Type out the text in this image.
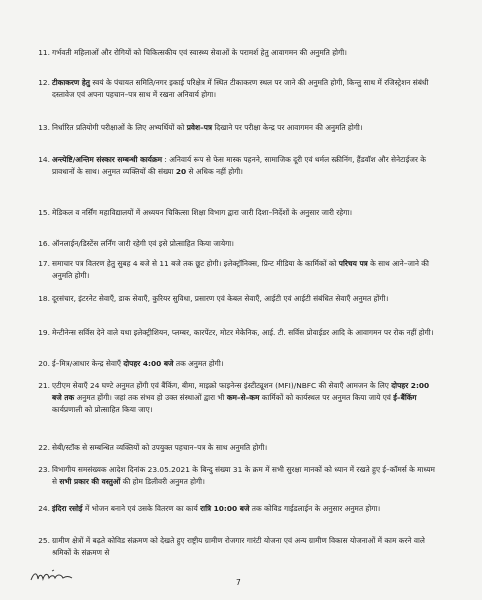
11. गर्भवती महिलाओं और रोगियों को चिकित्सकीय एवं स्वास्थ्य सेवाओं के परामर्श हेतु आवागमन की अनुमति होगी।
12. टीकाकरण हेतु स्वयं के पंचायत समिति/नगर इकाई परिक्षेत्र में स्थित टीकाकरण स्थल पर जाने की अनुमति होगी, किन्तु साथ में रजिस्ट्रेशन संबंधी दस्तावेज एवं अपना पहचान–पत्र साथ में रखना अनिवार्य होगा।
13. निर्धारित प्रतियोगी परीक्षाओं के लिए अभ्यर्थियों को प्रवेश–पत्र दिखाने पर परीक्षा केन्द्र पर आवागमन की अनुमति होगी।
14. अन्त्येष्टि/अन्तिम संस्कार सम्बन्धी कार्यक्रम : अनिवार्य रूप से फेस मास्क पहनने, सामाजिक दूरी एवं थर्मल स्क्रीनिंग, हैंडवॉश और सेनेटाईजर के प्रावधानों के साथ। अनुमत व्यक्तियों की संख्या 20 से अधिक नहीं होगी।
15. मेडिकल व नर्सिंग महाविद्यालयों में अध्ययन चिकित्सा शिक्षा विभाग द्वारा जारी दिशा–निर्देशों के अनुसार जारी रहेगा।
16. ऑनलाईन/डिस्टेंस लर्निंग जारी रहेगी एवं इसे प्रोत्साहित किया जायेगा।
17. समाचार पत्र वितरण हेतु सुबह 4 बजे से 11 बजे तक छूट होगी। इलेक्ट्रॉनिक्स, प्रिन्ट मीडिया के कार्मिकों को परिचय पत्र के साथ आने–जाने की अनुमति होगी।
18. दूरसंचार, इंटरनेट सेवाएँ, डाक सेवाएँ, कुरियर सुविधा, प्रसारण एवं केबल सेवाएँ, आईटी एवं आईटी संबंधित सेवाएँ अनुमत होंगी।
19. मेन्टीनेन्स सर्विस देने वाले यथा इलेक्ट्रीशियन, प्लम्बर, कारपेंटर, मोटर मेकेनिक, आई. टी. सर्विस प्रोवाईडर आदि के आवागमन पर रोक नहीं होगी।
20. ई–मित्र/आधार केन्द्र सेवाएँ दोपहर 4:00 बजे तक अनुमत होगी।
21. एटीएम सेवाएँ 24 घण्टे अनुमत होंगी एवं बैंकिंग, बीमा, माइक्रो फाइनेन्स इंस्टीट्यूशन (MFI)/NBFC की सेवाएँ आमजन के लिए दोपहर 2:00 बजे तक अनुमत होंगी। जहां तक संभव हो उक्त संस्थाओं द्वारा भी कम–से–कम कार्मिकों को कार्यस्थल पर अनुमत किया जाये एवं ई–बैंकिंग कार्यप्रणाली को प्रोत्साहित किया जाए।
22. सेबी/स्टॉक से सम्बन्धित व्यक्तियों को उपयुक्त पहचान–पत्र के साथ अनुमति होगी।
23. विभागीय समसंख्यक आदेश दिनांक 23.05.2021 के बिन्दु संख्या 31 के क्रम में सभी सुरक्षा मानकों को ध्यान में रखते हुए ई–कॉमर्स के माध्यम से सभी प्रकार की वस्तुओं की होम डिलीवरी अनुमत होगी।
24. इंदिरा रसोई में भोजन बनाने एवं उसके वितरण का कार्य रात्रि 10:00 बजे तक कोविड गाईडलाईन के अनुसार अनुमत होगा।
25. ग्रामीण क्षेत्रों में बढ़ते कोविड संक्रमण को देखते हुए राष्ट्रीय ग्रामीण रोजगार गारंटी योजना एवं अन्य ग्रामीण विकास योजनाओं में काम करने वाले श्रमिकों के संक्रमण से
7
